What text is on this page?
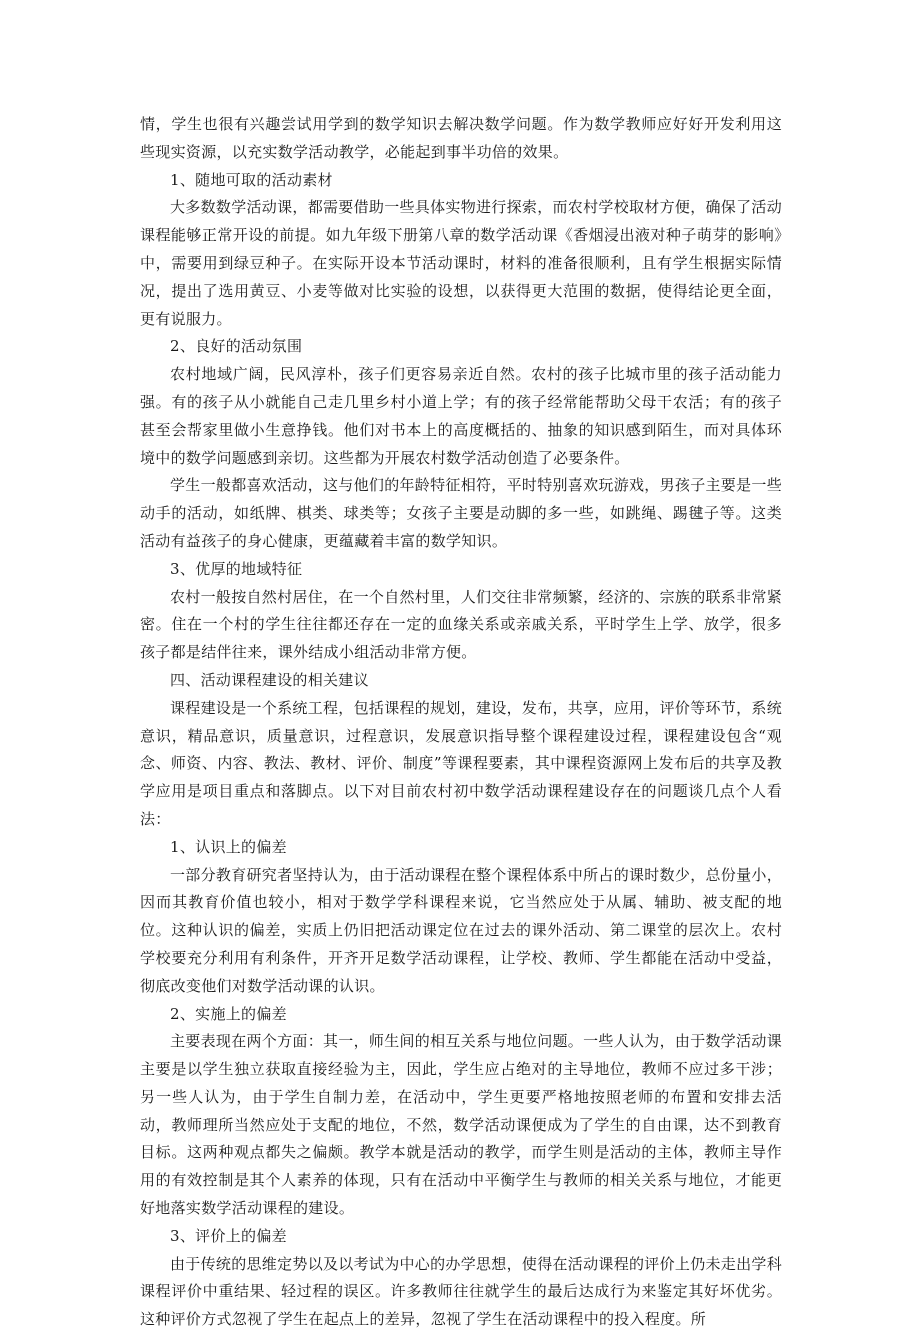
情，学生也很有兴趣尝试用学到的数学知识去解决数学问题。作为数学教师应好好开发利用这些现实资源，以充实数学活动教学，必能起到事半功倍的效果。

1、随地可取的活动素材

大多数数学活动课，都需要借助一些具体实物进行探索，而农村学校取材方便，确保了活动课程能够正常开设的前提。如九年级下册第八章的数学活动课《香烟浸出液对种子萌芽的影响》中，需要用到绿豆种子。在实际开设本节活动课时，材料的准备很顺利，且有学生根据实际情况，提出了选用黄豆、小麦等做对比实验的设想，以获得更大范围的数据，使得结论更全面，更有说服力。

2、良好的活动氛围

农村地域广阔，民风淳朴，孩子们更容易亲近自然。农村的孩子比城市里的孩子活动能力强。有的孩子从小就能自己走几里乡村小道上学；有的孩子经常能帮助父母干农活；有的孩子甚至会帮家里做小生意挣钱。他们对书本上的高度概括的、抽象的知识感到陌生，而对具体环境中的数学问题感到亲切。这些都为开展农村数学活动创造了必要条件。

学生一般都喜欢活动，这与他们的年龄特征相符，平时特别喜欢玩游戏，男孩子主要是一些动手的活动，如纸牌、棋类、球类等；女孩子主要是动脚的多一些，如跳绳、踢毽子等。这类活动有益孩子的身心健康，更蕴藏着丰富的数学知识。

3、优厚的地域特征

农村一般按自然村居住，在一个自然村里，人们交往非常频繁，经济的、宗族的联系非常紧密。住在一个村的学生往往都还存在一定的血缘关系或亲戚关系，平时学生上学、放学，很多孩子都是结伴往来，课外结成小组活动非常方便。

四、活动课程建设的相关建议

课程建设是一个系统工程，包括课程的规划，建设，发布，共享，应用，评价等环节，系统意识，精品意识，质量意识，过程意识，发展意识指导整个课程建设过程，课程建设包含“观念、师资、内容、教法、教材、评价、制度”等课程要素，其中课程资源网上发布后的共享及教学应用是项目重点和落脚点。以下对目前农村初中数学活动课程建设存在的问题谈几点个人看法：

1、认识上的偏差

一部分教育研究者坚持认为，由于活动课程在整个课程体系中所占的课时数少，总份量小，因而其教育价值也较小，相对于数学学科课程来说，它当然应处于从属、辅助、被支配的地位。这种认识的偏差，实质上仍旧把活动课定位在过去的课外活动、第二课堂的层次上。农村学校要充分利用有利条件，开齐开足数学活动课程，让学校、教师、学生都能在活动中受益，彻底改变他们对数学活动课的认识。

2、实施上的偏差

主要表现在两个方面：其一，师生间的相互关系与地位问题。一些人认为，由于数学活动课主要是以学生独立获取直接经验为主，因此，学生应占绝对的主导地位，教师不应过多干涉；另一些人认为，由于学生自制力差，在活动中，学生更要严格地按照老师的布置和安排去活动，教师理所当然应处于支配的地位，不然，数学活动课便成为了学生的自由课，达不到教育目标。这两种观点都失之偏颇。教学本就是活动的教学，而学生则是活动的主体，教师主导作用的有效控制是其个人素养的体现，只有在活动中平衡学生与教师的相关关系与地位，才能更好地落实数学活动课程的建设。

3、评价上的偏差

由于传统的思维定势以及以考试为中心的办学思想，使得在活动课程的评价上仍未走出学科课程评价中重结果、轻过程的误区。许多教师往往就学生的最后达成行为来鉴定其好坏优劣。这种评价方式忽视了学生在起点上的差异，忽视了学生在活动课程中的投入程度。所
